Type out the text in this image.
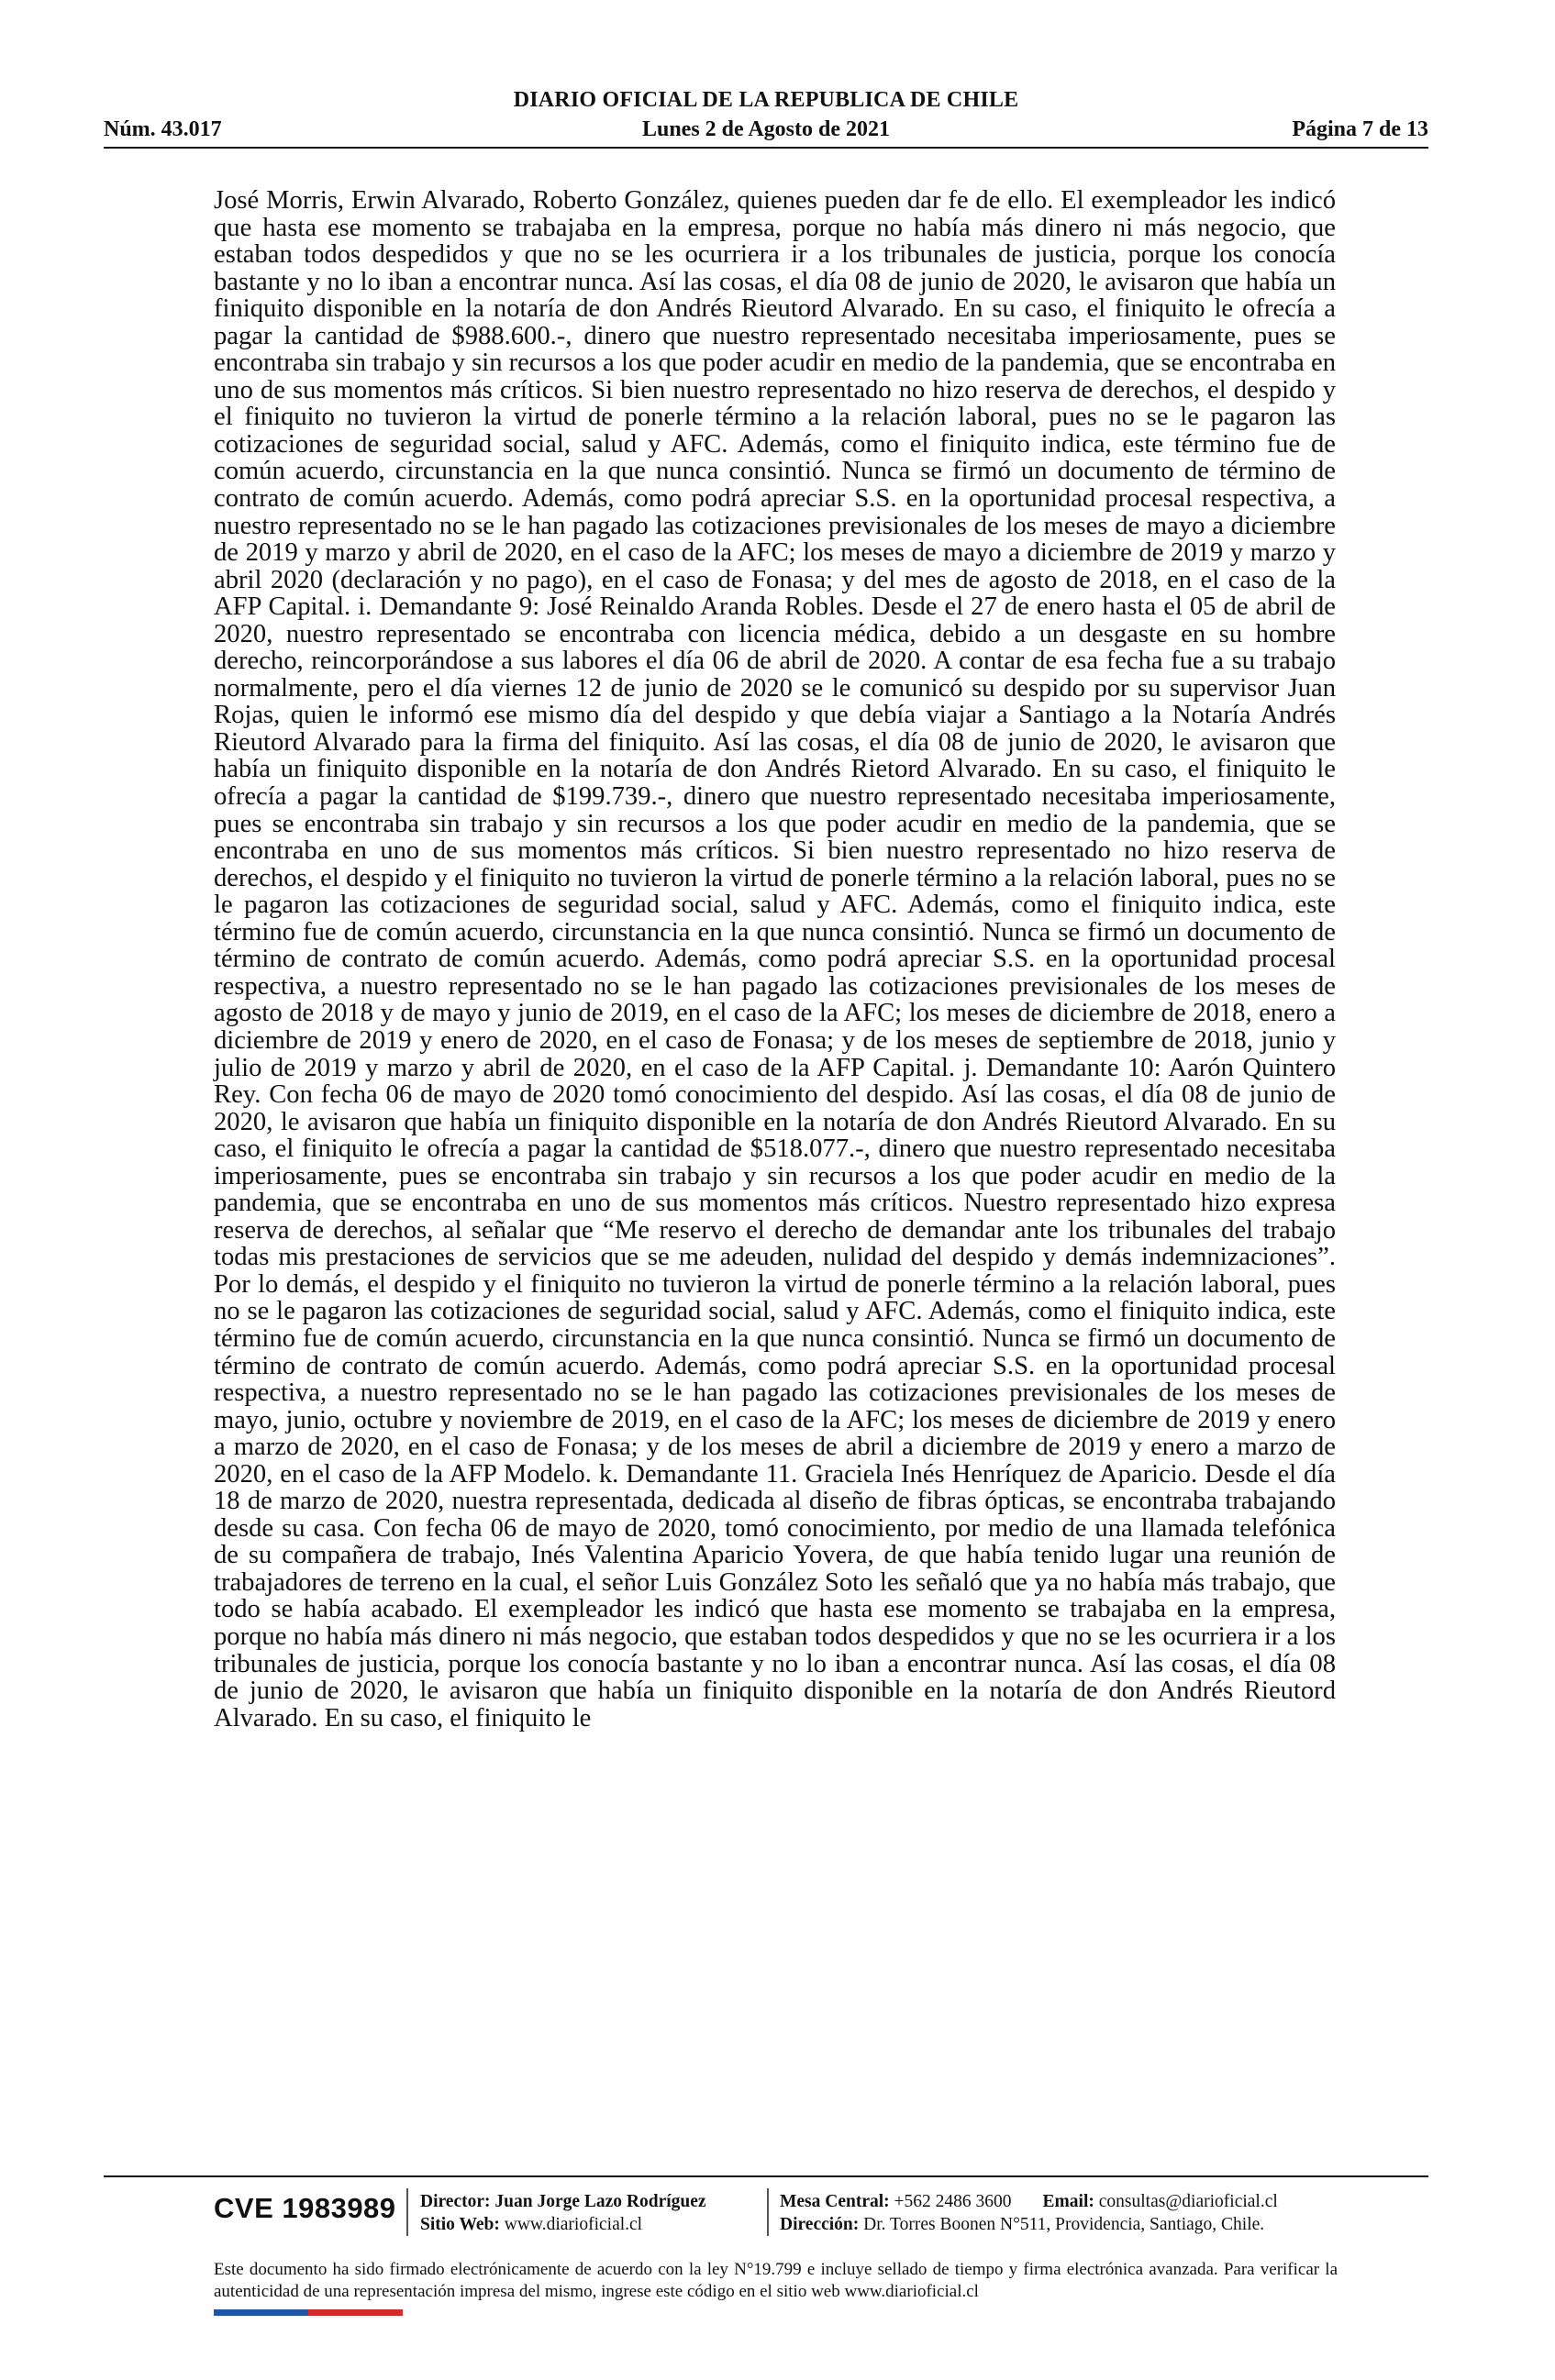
DIARIO OFICIAL DE LA REPUBLICA DE CHILE
Núm. 43.017	Lunes 2 de Agosto de 2021	Página 7 de 13

José Morris, Erwin Alvarado, Roberto González, quienes pueden dar fe de ello. El exempleador les indicó que hasta ese momento se trabajaba en la empresa, porque no había más dinero ni más negocio, que estaban todos despedidos y que no se les ocurriera ir a los tribunales de justicia, porque los conocía bastante y no lo iban a encontrar nunca. Así las cosas, el día 08 de junio de 2020, le avisaron que había un finiquito disponible en la notaría de don Andrés Rieutord Alvarado. En su caso, el finiquito le ofrecía a pagar la cantidad de $988.600.-, dinero que nuestro representado necesitaba imperiosamente, pues se encontraba sin trabajo y sin recursos a los que poder acudir en medio de la pandemia, que se encontraba en uno de sus momentos más críticos. Si bien nuestro representado no hizo reserva de derechos, el despido y el finiquito no tuvieron la virtud de ponerle término a la relación laboral, pues no se le pagaron las cotizaciones de seguridad social, salud y AFC. Además, como el finiquito indica, este término fue de común acuerdo, circunstancia en la que nunca consintió. Nunca se firmó un documento de término de contrato de común acuerdo. Además, como podrá apreciar S.S. en la oportunidad procesal respectiva, a nuestro representado no se le han pagado las cotizaciones previsionales de los meses de mayo a diciembre de 2019 y marzo y abril de 2020, en el caso de la AFC; los meses de mayo a diciembre de 2019 y marzo y abril 2020 (declaración y no pago), en el caso de Fonasa; y del mes de agosto de 2018, en el caso de la AFP Capital. i. Demandante 9: José Reinaldo Aranda Robles. Desde el 27 de enero hasta el 05 de abril de 2020, nuestro representado se encontraba con licencia médica, debido a un desgaste en su hombre derecho, reincorporándose a sus labores el día 06 de abril de 2020. A contar de esa fecha fue a su trabajo normalmente, pero el día viernes 12 de junio de 2020 se le comunicó su despido por su supervisor Juan Rojas, quien le informó ese mismo día del despido y que debía viajar a Santiago a la Notaría Andrés Rieutord Alvarado para la firma del finiquito. Así las cosas, el día 08 de junio de 2020, le avisaron que había un finiquito disponible en la notaría de don Andrés Rietord Alvarado. En su caso, el finiquito le ofrecía a pagar la cantidad de $199.739.-, dinero que nuestro representado necesitaba imperiosamente, pues se encontraba sin trabajo y sin recursos a los que poder acudir en medio de la pandemia, que se encontraba en uno de sus momentos más críticos. Si bien nuestro representado no hizo reserva de derechos, el despido y el finiquito no tuvieron la virtud de ponerle término a la relación laboral, pues no se le pagaron las cotizaciones de seguridad social, salud y AFC. Además, como el finiquito indica, este término fue de común acuerdo, circunstancia en la que nunca consintió. Nunca se firmó un documento de término de contrato de común acuerdo. Además, como podrá apreciar S.S. en la oportunidad procesal respectiva, a nuestro representado no se le han pagado las cotizaciones previsionales de los meses de agosto de 2018 y de mayo y junio de 2019, en el caso de la AFC; los meses de diciembre de 2018, enero a diciembre de 2019 y enero de 2020, en el caso de Fonasa; y de los meses de septiembre de 2018, junio y julio de 2019 y marzo y abril de 2020, en el caso de la AFP Capital. j. Demandante 10: Aarón Quintero Rey. Con fecha 06 de mayo de 2020 tomó conocimiento del despido. Así las cosas, el día 08 de junio de 2020, le avisaron que había un finiquito disponible en la notaría de don Andrés Rieutord Alvarado. En su caso, el finiquito le ofrecía a pagar la cantidad de $518.077.-, dinero que nuestro representado necesitaba imperiosamente, pues se encontraba sin trabajo y sin recursos a los que poder acudir en medio de la pandemia, que se encontraba en uno de sus momentos más críticos. Nuestro representado hizo expresa reserva de derechos, al señalar que “Me reservo el derecho de demandar ante los tribunales del trabajo todas mis prestaciones de servicios que se me adeuden, nulidad del despido y demás indemnizaciones”. Por lo demás, el despido y el finiquito no tuvieron la virtud de ponerle término a la relación laboral, pues no se le pagaron las cotizaciones de seguridad social, salud y AFC. Además, como el finiquito indica, este término fue de común acuerdo, circunstancia en la que nunca consintió. Nunca se firmó un documento de término de contrato de común acuerdo. Además, como podrá apreciar S.S. en la oportunidad procesal respectiva, a nuestro representado no se le han pagado las cotizaciones previsionales de los meses de mayo, junio, octubre y noviembre de 2019, en el caso de la AFC; los meses de diciembre de 2019 y enero a marzo de 2020, en el caso de Fonasa; y de los meses de abril a diciembre de 2019 y enero a marzo de 2020, en el caso de la AFP Modelo. k. Demandante 11. Graciela Inés Henríquez de Aparicio. Desde el día 18 de marzo de 2020, nuestra representada, dedicada al diseño de fibras ópticas, se encontraba trabajando desde su casa. Con fecha 06 de mayo de 2020, tomó conocimiento, por medio de una llamada telefónica de su compañera de trabajo, Inés Valentina Aparicio Yovera, de que había tenido lugar una reunión de trabajadores de terreno en la cual, el señor Luis González Soto les señaló que ya no había más trabajo, que todo se había acabado. El exempleador les indicó que hasta ese momento se trabajaba en la empresa, porque no había más dinero ni más negocio, que estaban todos despedidos y que no se les ocurriera ir a los tribunales de justicia, porque los conocía bastante y no lo iban a encontrar nunca. Así las cosas, el día 08 de junio de 2020, le avisaron que había un finiquito disponible en la notaría de don Andrés Rieutord Alvarado. En su caso, el finiquito le

CVE 1983989 Director: Juan Jorge Lazo Rodríguez
Sitio Web: www.diarioficial.cl
Mesa Central: +562 2486 3600 Email: consultas@diarioficial.cl
Dirección: Dr. Torres Boonen N°511, Providencia, Santiago, Chile.

Este documento ha sido firmado electrónicamente de acuerdo con la ley N°19.799 e incluye sellado de tiempo y firma electrónica avanzada. Para verificar la autenticidad de una representación impresa del mismo, ingrese este código en el sitio web www.diarioficial.cl
